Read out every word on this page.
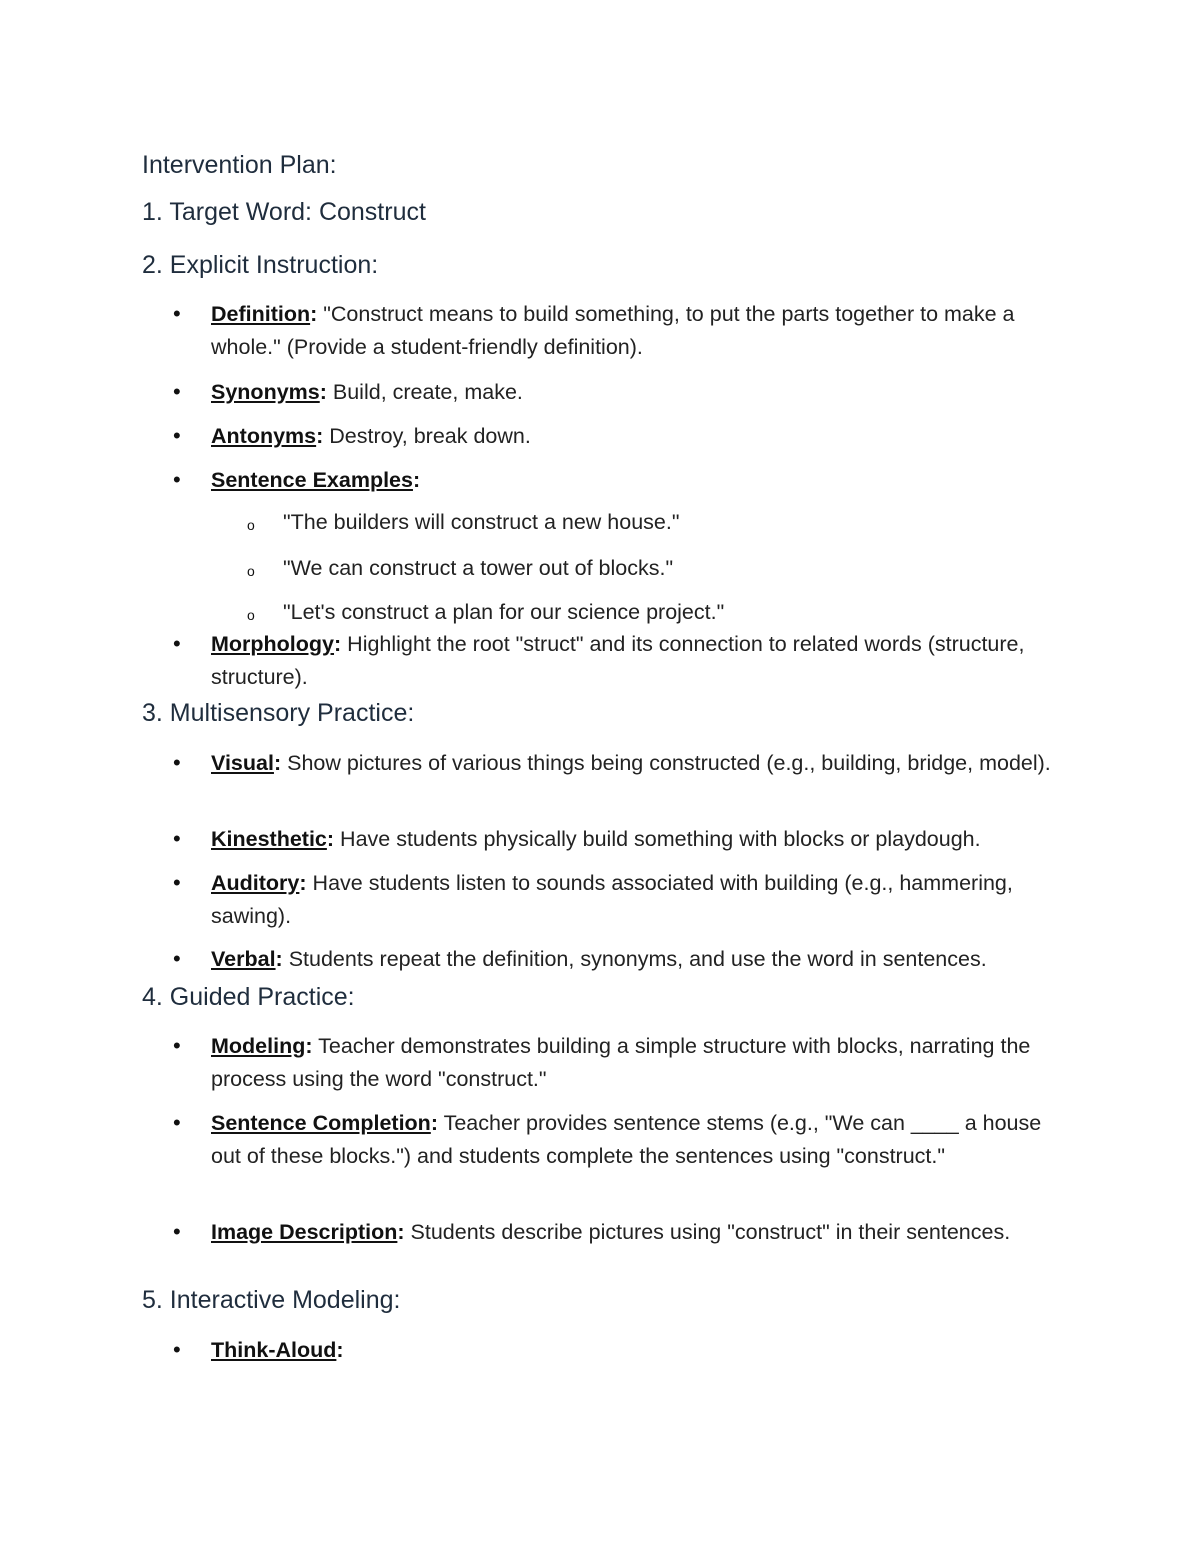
Intervention Plan:
1. Target Word: Construct
2. Explicit Instruction:
• Definition: "Construct means to build something, to put the parts together to make a whole." (Provide a student-friendly definition).
• Synonyms: Build, create, make.
• Antonyms: Destroy, break down.
• Sentence Examples:
o "The builders will construct a new house."
o "We can construct a tower out of blocks."
o "Let's construct a plan for our science project."
• Morphology: Highlight the root "struct" and its connection to related words (structure, structure).
3. Multisensory Practice:
• Visual: Show pictures of various things being constructed (e.g., building, bridge, model).
• Kinesthetic: Have students physically build something with blocks or playdough.
• Auditory: Have students listen to sounds associated with building (e.g., hammering, sawing).
• Verbal: Students repeat the definition, synonyms, and use the word in sentences.
4. Guided Practice:
• Modeling: Teacher demonstrates building a simple structure with blocks, narrating the process using the word "construct."
• Sentence Completion: Teacher provides sentence stems (e.g., "We can ____ a house out of these blocks.") and students complete the sentences using "construct."
• Image Description: Students describe pictures using "construct" in their sentences.
5. Interactive Modeling:
• Think-Aloud:
